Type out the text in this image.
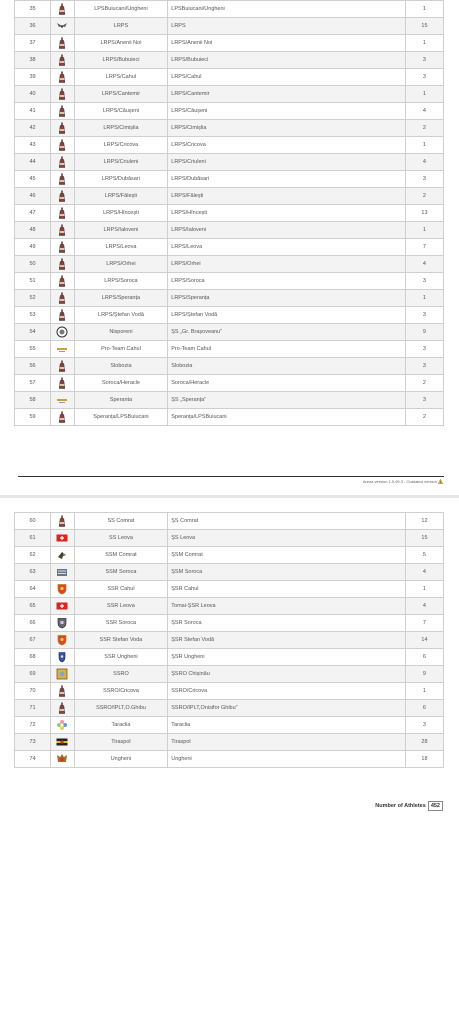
35		LPSBuiucani/Ungheni	LPSBuiucani/Ungheni	1
36		LRPS	LRPS	15
37		LRPS/Anenii Noi	LRPS/Anenii Noi	1
38		LRPS/Bubuieci	LRPS/Bubuieci	3
39		LRPS/Cahul	LRPS/Cahul	3
40		LRPS/Cantemir	LRPS/Cantemir	1
41		LRPS/Căușeni	LRPS/Căușeni	4
42		LRPS/Cimișlia	LRPS/Cimișlia	2
43		LRPS/Cricova	LRPS/Cricova	1
44		LRPS/Criuleni	LRPS/Criuleni	4
45		LRPS/Dubăsari	LRPS/Dubăsari	3
46		LRPS/Fălești	LRPS/Fălești	2
47		LRPS/Hîncești	LRPS/Hîncești	13
48		LRPS/Ialoveni	LRPS/Ialoveni	1
49		LRPS/Leova	LRPS/Leova	7
50		LRPS/Orhei	LRPS/Orhei	4
51		LRPS/Soroca	LRPS/Soroca	3
52		LRPS/Speranța	LRPS/Speranța	1
53		LRPS/Ștefan Vodă	LRPS/Ștefan Vodă	3
54		Nisporeni	ȘS „Gr. Brașoveanu”	9
55		Pro-Team Cahul	Pro-Team Cahul	3
56		Slobozia	Slobozia	3
57		Soroca/Heracle	Soroca/Heracle	2
58		Speranta	ȘS „Speranța”	3
59		Speranța/LPSBuiucani	Speranța/LPSBuiucani	2
Arena version 1.5.99.3 - Outdated version
60		SS Comrat	ȘS Comrat	12
61		SS Leova	ȘS Leova	15
62		SSM Comrat	ȘSM Comrat	5
63		SSM Soroca	ȘSM Soroca	4
64		SSR Cahul	ȘSR Cahul	1
65		SSR Leova	Tomai-ȘSR Leova	4
66		SSR Soroca	ȘSR Soroca	7
67		SSR Stefan Voda	ȘSR Stefan Vodă	14
68		SSR Ungheni	ȘSR Ungheni	6
69		SSRO	ȘSRO Chișinău	9
70		SSRO/Cricova	SSRO/Cricova	1
71		SSRO/IPLT,O.Ghibu	SSRO/IPLT,Onisifor Ghibu”	6
72		Taraclia	Taraclia	3
73		Tiraspol	Tiraspol	28
74		Ungheni	Ungheni	18
Number of Athletes 452
